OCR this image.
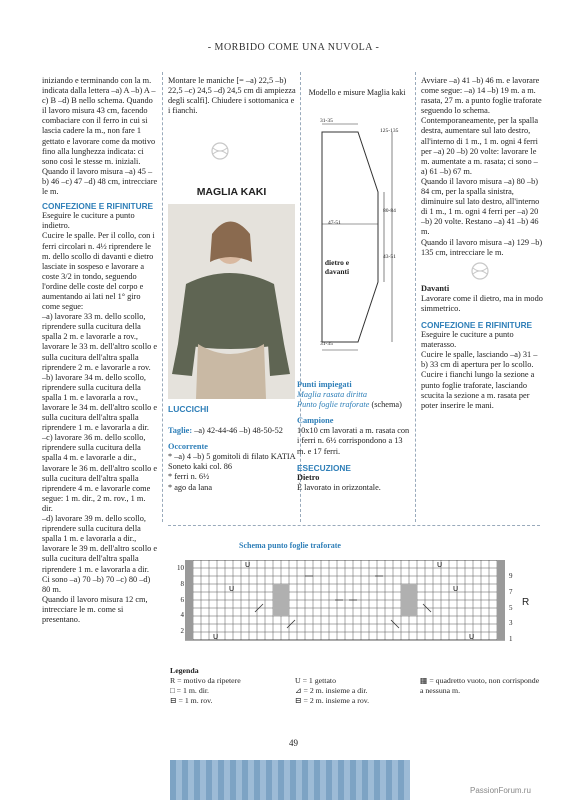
- MORBIDO COME UNA NUVOLA -

iniziando e terminando con la m. indicata dalla lettera –a) A –b) A –c) B –d) B nello schema. Quando il lavoro misura 43 cm, facendo combaciare con il ferro in cui si lascia cadere la m., non fare 1 gettato e lavorare come da motivo fino alla lunghezza indicata: ci sono così le stesse m. iniziali.

Quando il lavoro misura –a) 45 –b) 46 –c) 47 –d) 48 cm, intrecciare le m.

CONFEZIONE E RIFINITURE

Eseguire le cuciture a punto indietro.

Cucire le spalle. Per il collo, con i ferri circolari n. 4½ riprendere le m. dello scollo di davanti e dietro lasciate in sospeso e lavorare a coste 3/2 in tondo, seguendo l'ordine delle coste del corpo e aumentando ai lati nel 1° giro come segue:

–a) lavorare 33 m. dello scollo, riprendere sulla cucitura della spalla 2 m. e lavorarle a rov., lavorare le 33 m. dell'altro scollo e sulla cucitura dell'altra spalla riprendere 2 m. e lavorarle a rov.

–b) lavorare 34 m. dello scollo, riprendere sulla cucitura della spalla 1 m. e lavorarla a rov., lavorare le 34 m. dell'altro scollo e sulla cucitura dell'altra spalla riprendere 1 m. e lavorarla a dir.

–c) lavorare 36 m. dello scollo, riprendere sulla cucitura della spalla 4 m. e lavorarle a dir., lavorare le 36 m. dell'altro scollo e sulla cucitura dell'altra spalla riprendere 4 m. e lavorarle come segue: 1 m. dir., 2 m. rov., 1 m. dir.

–d) lavorare 39 m. dello scollo, riprendere sulla cucitura della spalla 1 m. e lavorarla a dir., lavorare le 39 m. dell'altro scollo e sulla cucitura dell'altra spalla riprendere 1 m. e lavorarla a dir.

Ci sono –a) 70 –b) 70 –c) 80 –d) 80 m.

Quando il lavoro misura 12 cm, intrecciare le m. come si presentano.

Montare le maniche [= –a) 22,5 –b) 22,5 –c) 24,5 –d) 24,5 cm di ampiezza degli scalfi]. Chiudere i sottomanica e i fianchi.

MAGLIA KAKI

LUCCICHI

Taglie: –a) 42-44-46 –b) 48-50-52

Occorrente

* –a) 4 –b) 5 gomitoli di filato KATIA Soneto kaki col. 86

* ferri n. 6½

* ago da lana

Modello e misure Maglia kaki
31-35
125-135
80-84
43-51
47-51
31-35
dietro e davanti

Punti impiegati

Maglia rasata diritta

Punto foglie traforate (schema)

Campione

10x10 cm lavorati a m. rasata con i ferri n. 6½ corrispondono a 13 m. e 17 ferri.

ESECUZIONE

Dietro

È lavorato in orizzontale.

Avviare –a) 41 –b) 46 m. e lavorare come segue: –a) 14 –b) 19 m. a m. rasata, 27 m. a punto foglie traforate seguendo lo schema.

Contemporaneamente, per la spalla destra, aumentare sul lato destro, all'interno di 1 m., 1 m. ogni 4 ferri per –a) 20 –b) 20 volte: lavorare le m. aumentate a m. rasata; ci sono –a) 61 –b) 67 m.

Quando il lavoro misura –a) 80 –b) 84 cm, per la spalla sinistra, diminuire sul lato destro, all'interno di 1 m., 1 m. ogni 4 ferri per –a) 20 –b) 20 volte. Restano –a) 41 –b) 46 m.

Quando il lavoro misura –a) 129 –b) 135 cm, intrecciare le m.

Davanti

Lavorare come il dietro, ma in modo simmetrico.

CONFEZIONE E RIFINITURE

Eseguire le cuciture a punto materasso.

Cucire le spalle, lasciando –a) 31 –b) 33 cm di apertura per lo scollo.

Cucire i fianchi lungo la sezione a punto foglie traforate, lasciando scucita la sezione a m. rasata per poter inserire le mani.

Schema punto foglie traforate
10
8
6
4
2
9
7
5
3
1
R
U	U
U	U
U	U
Legenda
R = motivo da ripetere
□ = 1 m. dir.
⊟ = 1 m. rov.
U = 1 gettato
⊿ = 2 m. insieme a dir.
⊟ = 2 m. insieme a rov.
▦ = quadretto vuoto, non corrisponde a nessuna m.
49
PassionForum.ru
